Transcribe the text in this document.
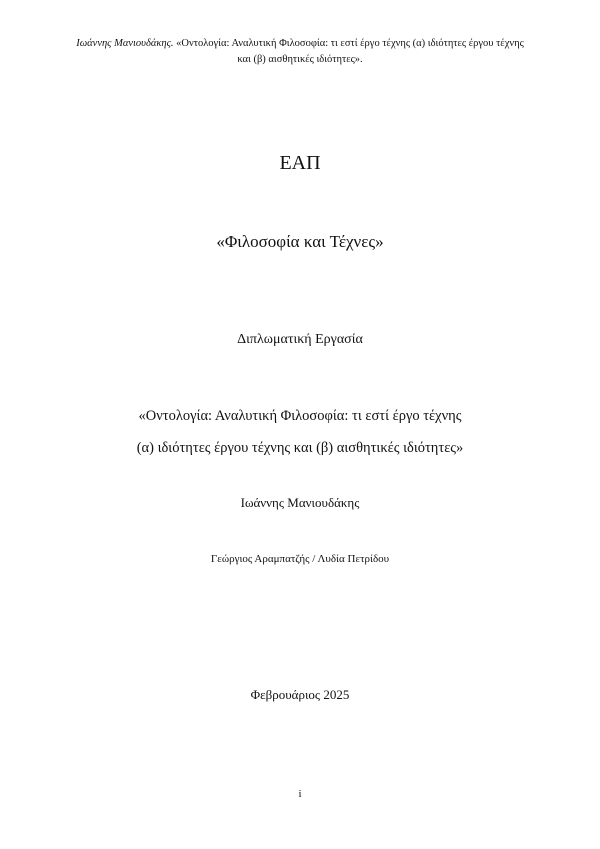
Ιωάννης Μανιουδάκης. «Οντολογία: Αναλυτική Φιλοσοφία: τι εστί έργο τέχνης (α) ιδιότητες έργου τέχνης
και (β) αισθητικές ιδιότητες».
ΕΑΠ
«Φιλοσοφία και Τέχνες»
Διπλωματική Εργασία
«Οντολογία: Αναλυτική Φιλοσοφία: τι εστί έργο τέχνης
(α) ιδιότητες έργου τέχνης και (β) αισθητικές ιδιότητες»
Ιωάννης Μανιουδάκης
Γεώργιος Αραμπατζής / Λυδία Πετρίδου
Φεβρουάριος 2025
i
